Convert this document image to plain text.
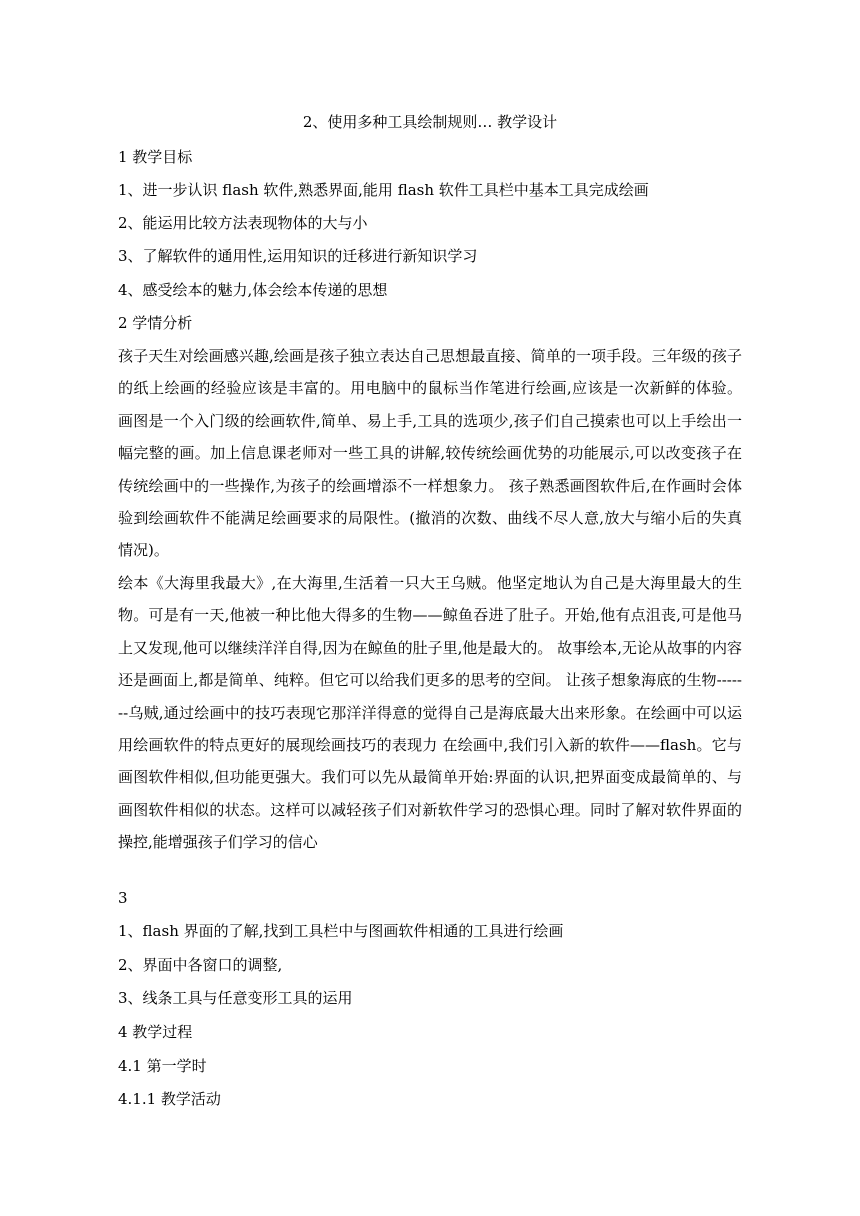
2、使用多种工具绘制规则… 教学设计
1 教学目标
1、进一步认识 flash 软件,熟悉界面,能用 flash 软件工具栏中基本工具完成绘画
2、能运用比较方法表现物体的大与小
3、了解软件的通用性,运用知识的迁移进行新知识学习
4、感受绘本的魅力,体会绘本传递的思想
2 学情分析
孩子天生对绘画感兴趣,绘画是孩子独立表达自己思想最直接、简单的一项手段。三年级的孩子的纸上绘画的经验应该是丰富的。用电脑中的鼠标当作笔进行绘画,应该是一次新鲜的体验。 画图是一个入门级的绘画软件,简单、易上手,工具的选项少,孩子们自己摸索也可以上手绘出一幅完整的画。加上信息课老师对一些工具的讲解,较传统绘画优势的功能展示,可以改变孩子在传统绘画中的一些操作,为孩子的绘画增添不一样想象力。 孩子熟悉画图软件后,在作画时会体验到绘画软件不能满足绘画要求的局限性。(撤消的次数、曲线不尽人意,放大与缩小后的失真情况)。
绘本《大海里我最大》,在大海里,生活着一只大王乌贼。他坚定地认为自己是大海里最大的生物。可是有一天,他被一种比他大得多的生物——鲸鱼吞进了肚子。开始,他有点沮丧,可是他马上又发现,他可以继续洋洋自得,因为在鲸鱼的肚子里,他是最大的。 故事绘本,无论从故事的内容还是画面上,都是简单、纯粹。但它可以给我们更多的思考的空间。 让孩子想象海底的生物-------乌贼,通过绘画中的技巧表现它那洋洋得意的觉得自己是海底最大出来形象。在绘画中可以运用绘画软件的特点更好的展现绘画技巧的表现力 在绘画中,我们引入新的软件——flash。它与画图软件相似,但功能更强大。我们可以先从最简单开始:界面的认识,把界面变成最简单的、与画图软件相似的状态。这样可以减轻孩子们对新软件学习的恐惧心理。同时了解对软件界面的操控,能增强孩子们学习的信心
3
1、flash 界面的了解,找到工具栏中与图画软件相通的工具进行绘画
2、界面中各窗口的调整,
3、线条工具与任意变形工具的运用
4 教学过程
4.1 第一学时
4.1.1 教学活动
